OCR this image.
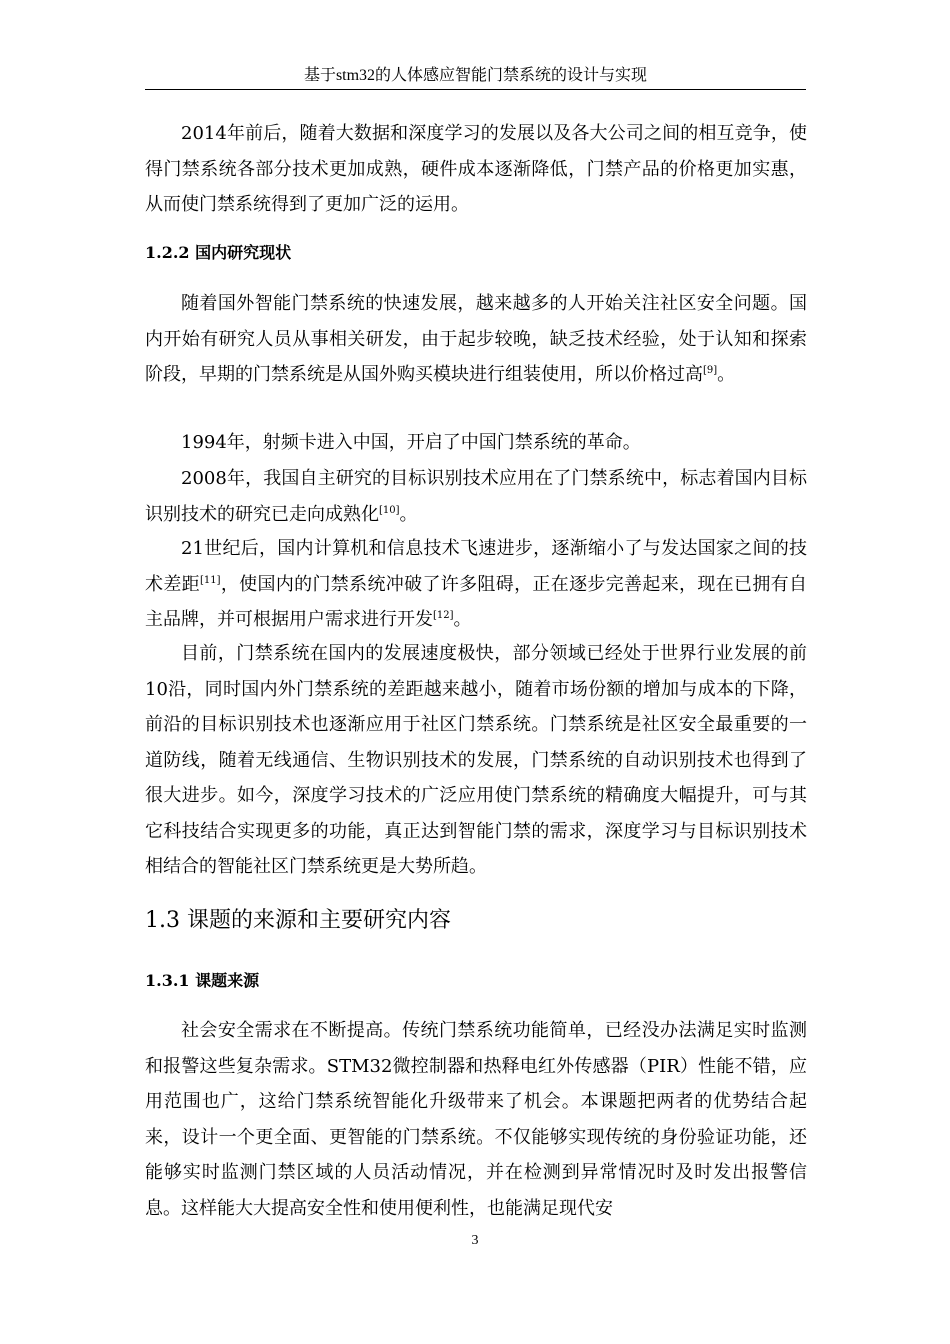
基于stm32的人体感应智能门禁系统的设计与实现

2014年前后，随着大数据和深度学习的发展以及各大公司之间的相互竞争，使得门禁系统各部分技术更加成熟，硬件成本逐渐降低，门禁产品的价格更加实惠，从而使门禁系统得到了更加广泛的运用。

1.2.2 国内研究现状

随着国外智能门禁系统的快速发展，越来越多的人开始关注社区安全问题。国内开始有研究人员从事相关研发，由于起步较晚，缺乏技术经验，处于认知和探索阶段，早期的门禁系统是从国外购买模块进行组装使用，所以价格过高[9]。

1994年，射频卡进入中国，开启了中国门禁系统的革命。

2008年，我国自主研究的目标识别技术应用在了门禁系统中，标志着国内目标识别技术的研究已走向成熟化[10]。

21世纪后，国内计算机和信息技术飞速进步，逐渐缩小了与发达国家之间的技术差距[11]，使国内的门禁系统冲破了许多阻碍，正在逐步完善起来，现在已拥有自主品牌，并可根据用户需求进行开发[12]。

目前，门禁系统在国内的发展速度极快，部分领域已经处于世界行业发展的前10沿，同时国内外门禁系统的差距越来越小，随着市场份额的增加与成本的下降，前沿的目标识别技术也逐渐应用于社区门禁系统。门禁系统是社区安全最重要的一道防线，随着无线通信、生物识别技术的发展，门禁系统的自动识别技术也得到了很大进步。如今，深度学习技术的广泛应用使门禁系统的精确度大幅提升，可与其它科技结合实现更多的功能，真正达到智能门禁的需求，深度学习与目标识别技术相结合的智能社区门禁系统更是大势所趋。

1.3 课题的来源和主要研究内容
1.3.1 课题来源

社会安全需求在不断提高。传统门禁系统功能简单，已经没办法满足实时监测和报警这些复杂需求。STM32微控制器和热释电红外传感器（PIR）性能不错，应用范围也广，这给门禁系统智能化升级带来了机会。本课题把两者的优势结合起来，设计一个更全面、更智能的门禁系统。不仅能够实现传统的身份验证功能，还能够实时监测门禁区域的人员活动情况，并在检测到异常情况时及时发出报警信息。这样能大大提高安全性和使用便利性，也能满足现代安

3
